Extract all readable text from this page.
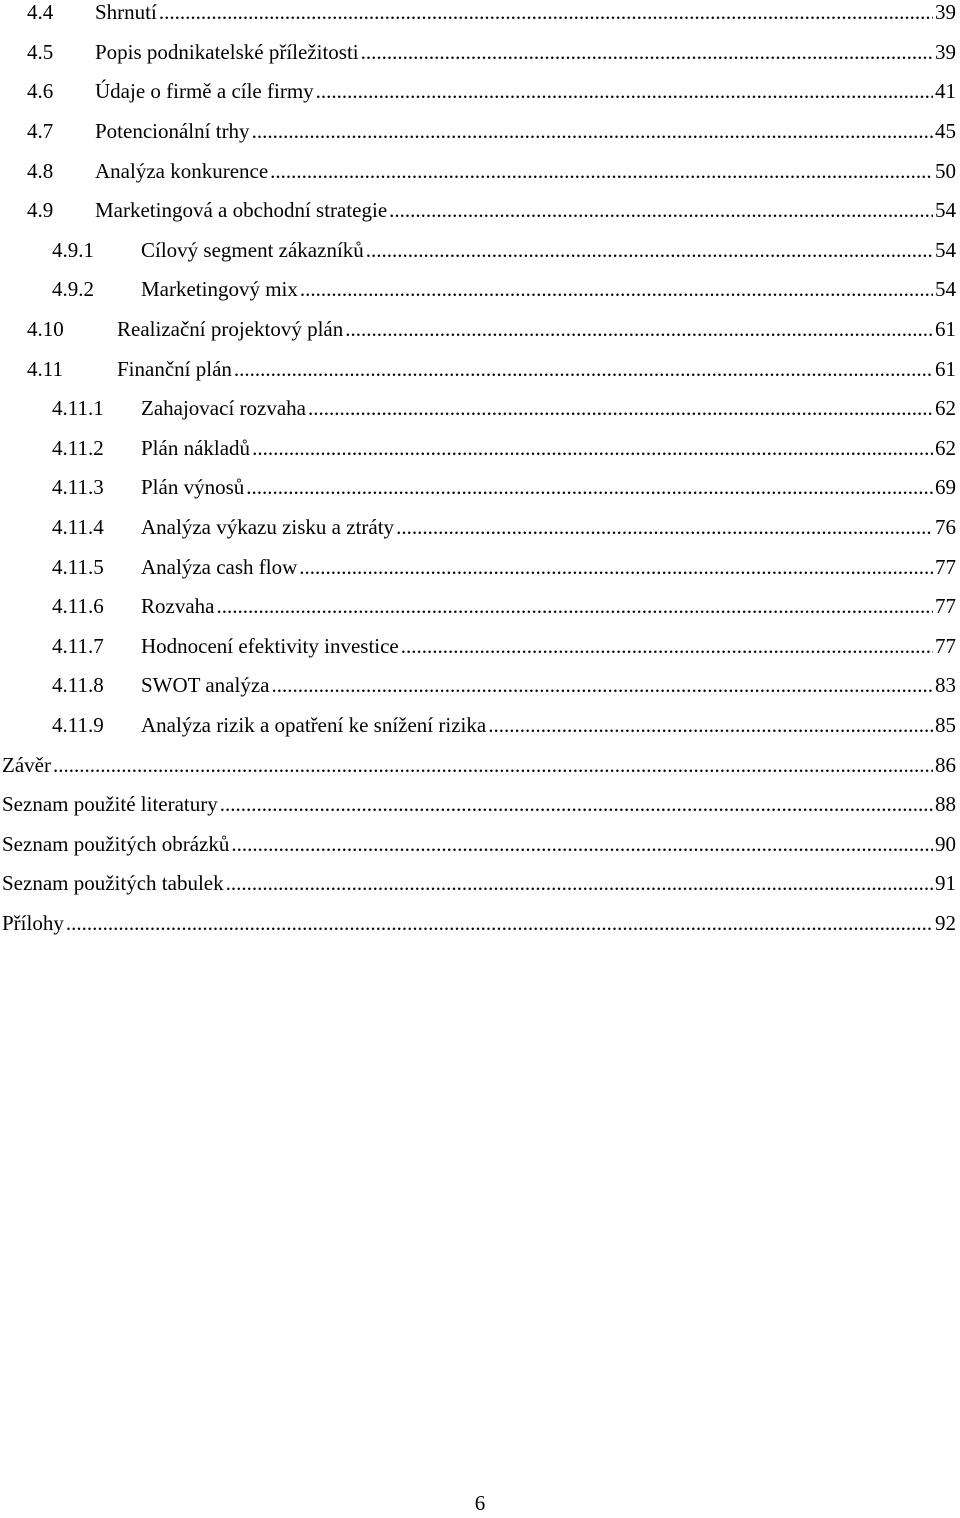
4.4 Shrnutí .....	39
4.5 Popis podnikatelské příležitosti .....	39
4.6 Údaje o firmě a cíle firmy .....	41
4.7 Potencionální trhy .....	45
4.8 Analýza konkurence .....	50
4.9 Marketingová a obchodní strategie .....	54
4.9.1 Cílový segment zákazníků .....	54
4.9.2 Marketingový mix .....	54
4.10	Realizační projektový plán .....	61
4.11	Finanční plán .....	61
4.11.1 Zahajovací rozvaha .....	62
4.11.2 Plán nákladů .....	62
4.11.3 Plán výnosů .....	69
4.11.4 Analýza výkazu zisku a ztráty .....	76
4.11.5 Analýza cash flow .....	77
4.11.6 Rozvaha .....	77
4.11.7 Hodnocení efektivity investice .....	77
4.11.8 SWOT analýza .....	83
4.11.9 Analýza rizik a opatření ke snížení rizika .....	85
Závěr .....	86
Seznam použité literatury .....	88
Seznam použitých obrázků .....	90
Seznam použitých tabulek .....	91
Přílohy .....	92
6
